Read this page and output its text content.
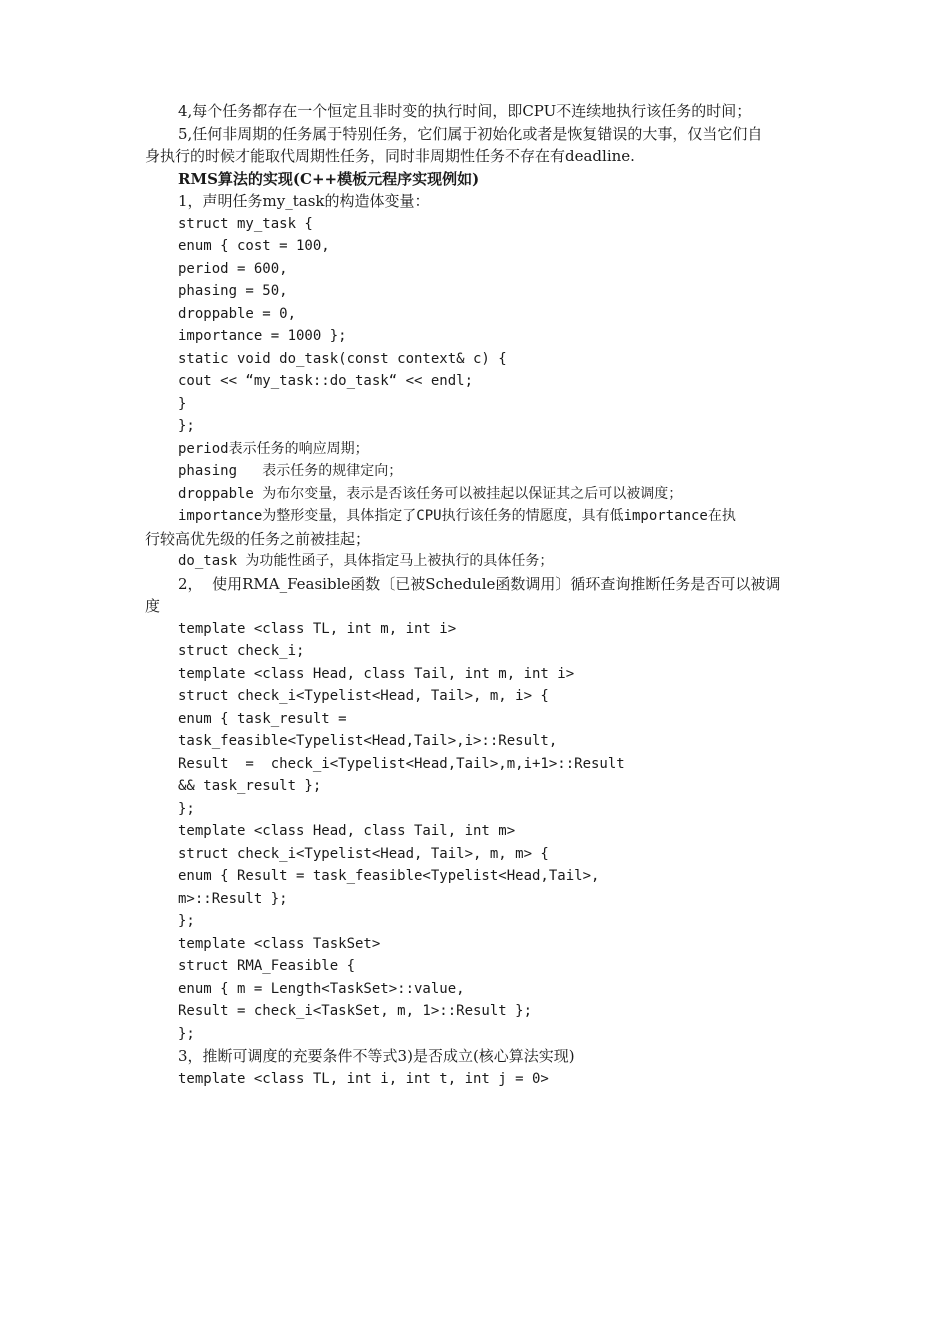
4,每个任务都存在一个恒定且非时变的执行时间，即CPU不连续地执行该任务的时间；
5,任何非周期的任务属于特别任务，它们属于初始化或者是恢复错误的大事，仅当它们自
身执行的时候才能取代周期性任务，同时非周期性任务不存在有deadline.
RMS算法的实现(C++模板元程序实现例如)
1，声明任务my_task的构造体变量：
struct my_task {
enum { cost = 100,
period = 600,
phasing = 50,
droppable = 0,
importance = 1000 };
static void do_task(const context& c) {
cout << “my_task::do_task“ << endl;
}
};
period表示任务的响应周期；
phasing   表示任务的规律定向；
droppable 为布尔变量，表示是否该任务可以被挂起以保证其之后可以被调度；
importance为整形变量，具体指定了CPU执行该任务的情愿度，具有低importance在执
行较高优先级的任务之前被挂起；
do_task 为功能性函子，具体指定马上被执行的具体任务；
2，  使用RMA_Feasible函数〔已被Schedule函数调用〕循环查询推断任务是否可以被调
度
template <class TL, int m, int i>
struct check_i;
template <class Head, class Tail, int m, int i>
struct check_i<Typelist<Head, Tail>, m, i> {
enum { task_result =
task_feasible<Typelist<Head,Tail>,i>::Result,
Result  =  check_i<Typelist<Head,Tail>,m,i+1>::Result
&& task_result };
};
template <class Head, class Tail, int m>
struct check_i<Typelist<Head, Tail>, m, m> {
enum { Result = task_feasible<Typelist<Head,Tail>,
m>::Result };
};
template <class TaskSet>
struct RMA_Feasible {
enum { m = Length<TaskSet>::value,
Result = check_i<TaskSet, m, 1>::Result };
};
3，推断可调度的充要条件不等式3)是否成立(核心算法实现)
template <class TL, int i, int t, int j = 0>
